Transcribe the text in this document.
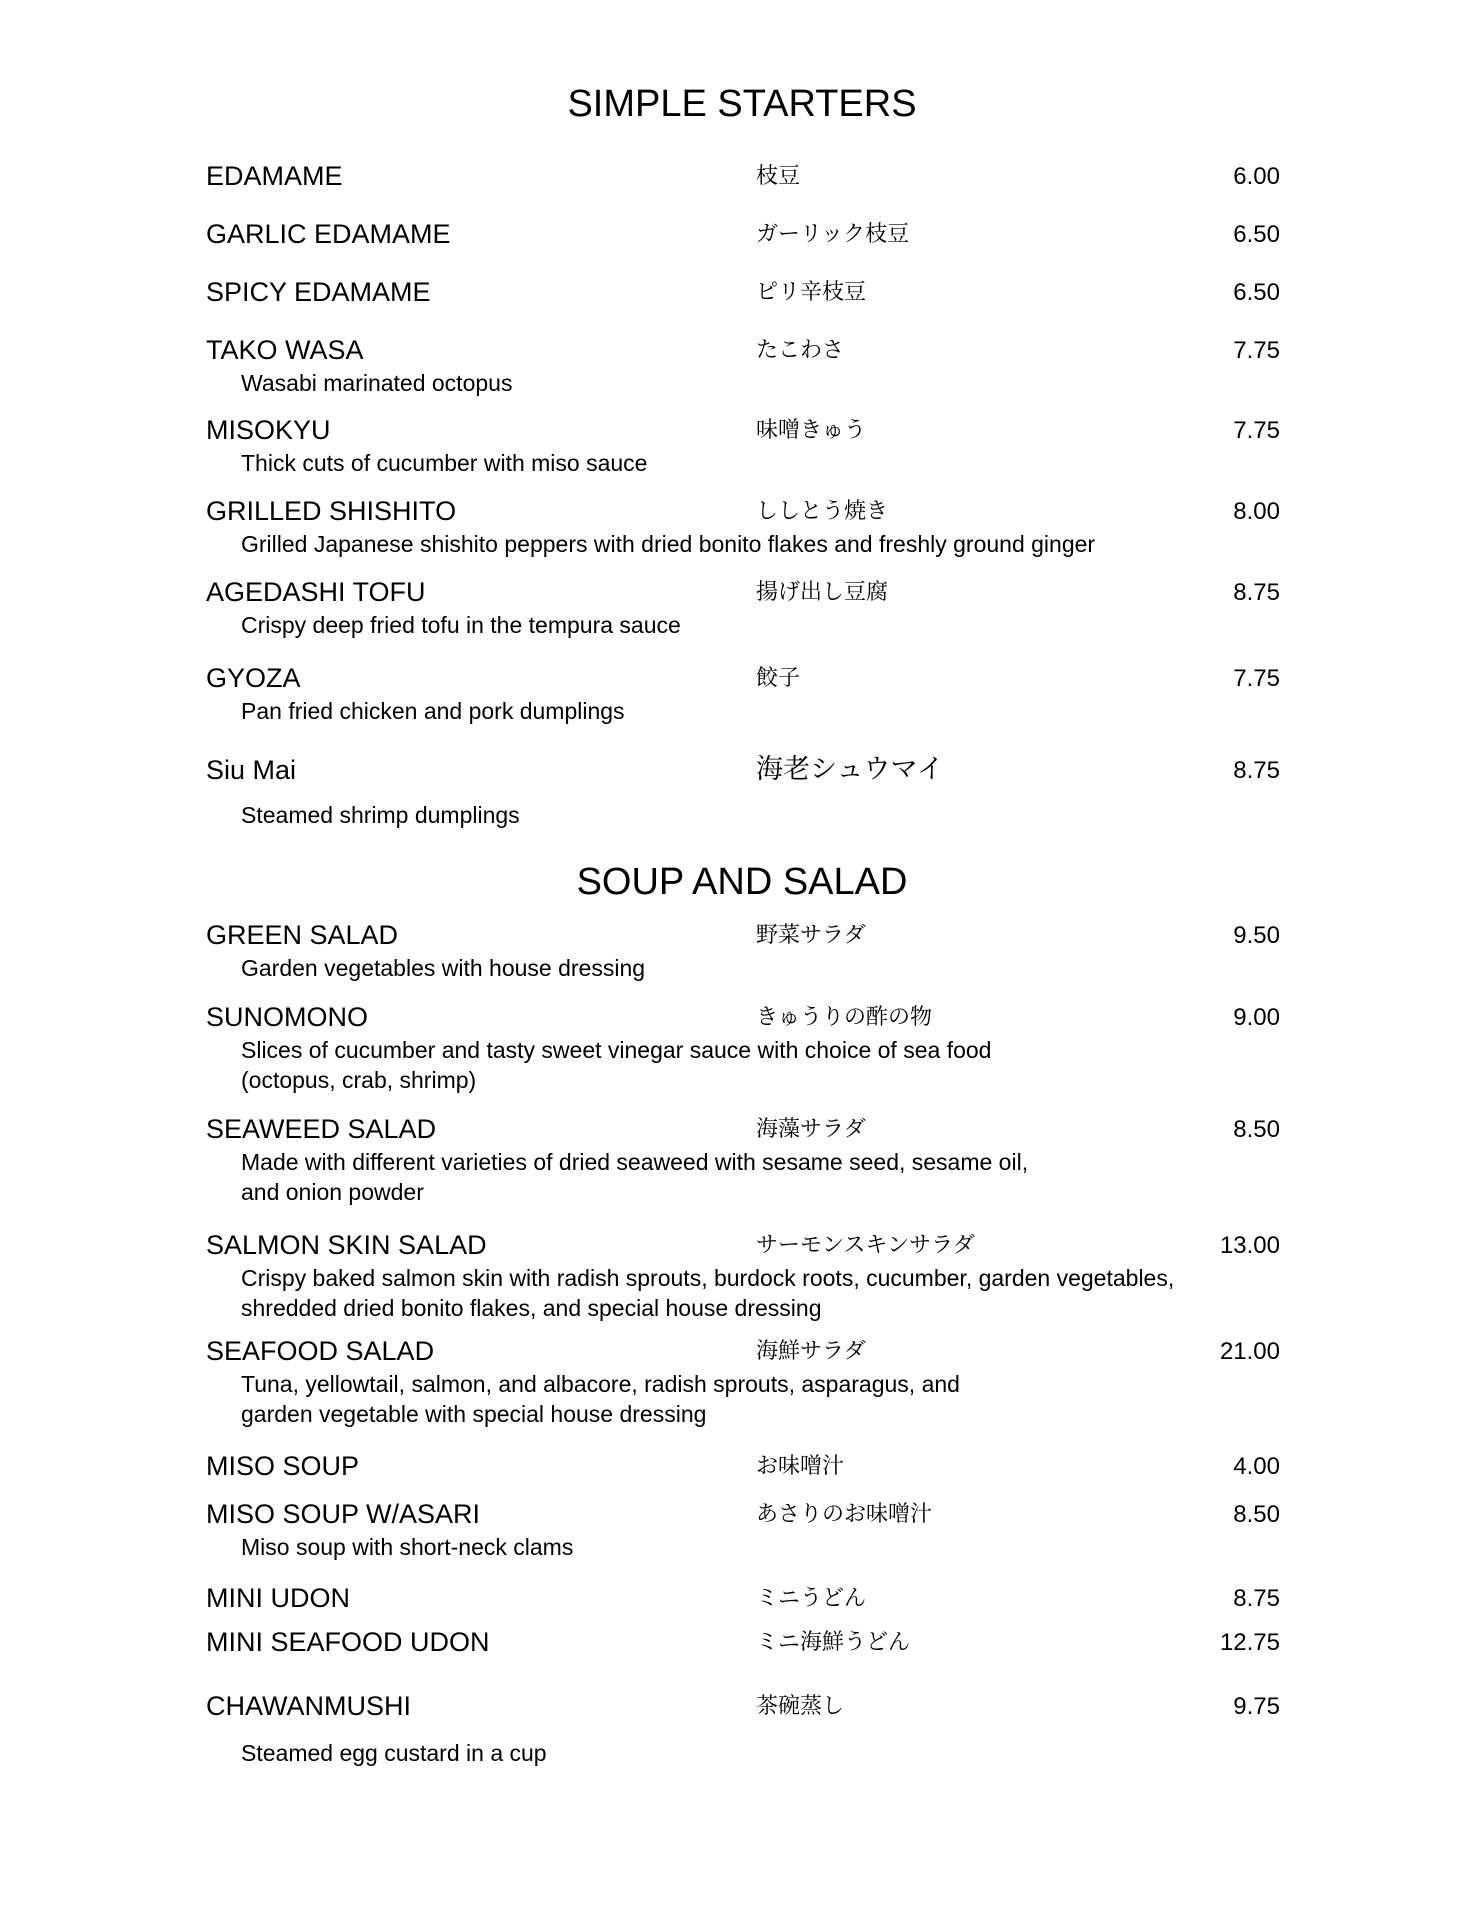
SIMPLE STARTERS
EDAMAME	枝豆	6.00
GARLIC EDAMAME	ガーリック枝豆	6.50
SPICY EDAMAME	ピリ辛枝豆	6.50
TAKO WASA	たこわさ	7.75
Wasabi marinated octopus
MISOKYU	味噌きゅう	7.75
Thick cuts of cucumber with miso sauce
GRILLED SHISHITO	ししとう焼き	8.00
Grilled Japanese shishito peppers with dried bonito flakes and freshly ground ginger
AGEDASHI TOFU	揚げ出し豆腐	8.75
Crispy deep fried tofu in the tempura sauce
GYOZA	餃子	7.75
Pan fried chicken and pork dumplings
Siu Mai	海老シュウマイ	8.75
Steamed shrimp dumplings
SOUP AND SALAD
GREEN SALAD	野菜サラダ	9.50
Garden vegetables with house dressing
SUNOMONO	きゅうりの酢の物	9.00
Slices of cucumber and tasty sweet vinegar sauce with choice of sea food
(octopus, crab, shrimp)
SEAWEED SALAD	海藻サラダ	8.50
Made with different varieties of dried seaweed with sesame seed, sesame oil,
and onion powder
SALMON SKIN SALAD	サーモンスキンサラダ	13.00
Crispy baked salmon skin with radish sprouts, burdock roots, cucumber, garden vegetables,
shredded dried bonito flakes, and special house dressing
SEAFOOD SALAD	海鮮サラダ	21.00
Tuna, yellowtail, salmon, and albacore, radish sprouts, asparagus, and
garden vegetable with special house dressing
MISO SOUP	お味噌汁	4.00
MISO SOUP W/ASARI	あさりのお味噌汁	8.50
Miso soup with short-neck clams
MINI UDON	ミニうどん	8.75
MINI SEAFOOD UDON	ミニ海鮮うどん	12.75
CHAWANMUSHI	茶碗蒸し	9.75
Steamed egg custard in a cup
